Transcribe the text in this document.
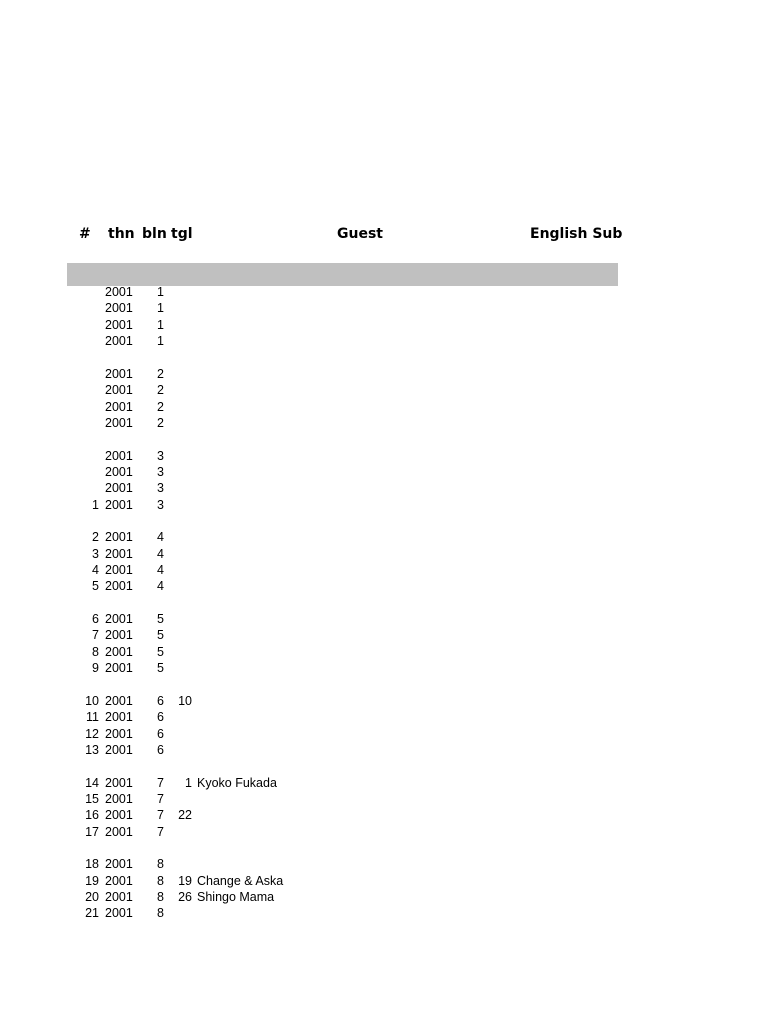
# thn bln tgl	Guest	English Sub
2001 1
2001 1
2001 1
2001 1
2001 2
2001 2
2001 2
2001 2
2001 3
2001 3
2001 3
1 2001 3
2 2001 4
3 2001 4
4 2001 4
5 2001 4
6 2001 5
7 2001 5
8 2001 5
9 2001 5
10 2001 6 10
11 2001 6
12 2001 6
13 2001 6
14 2001 7 1 Kyoko Fukada
15 2001 7
16 2001 7 22
17 2001 7
18 2001 8
19 2001 8 19 Change & Aska
20 2001 8 26 Shingo Mama
21 2001 8
